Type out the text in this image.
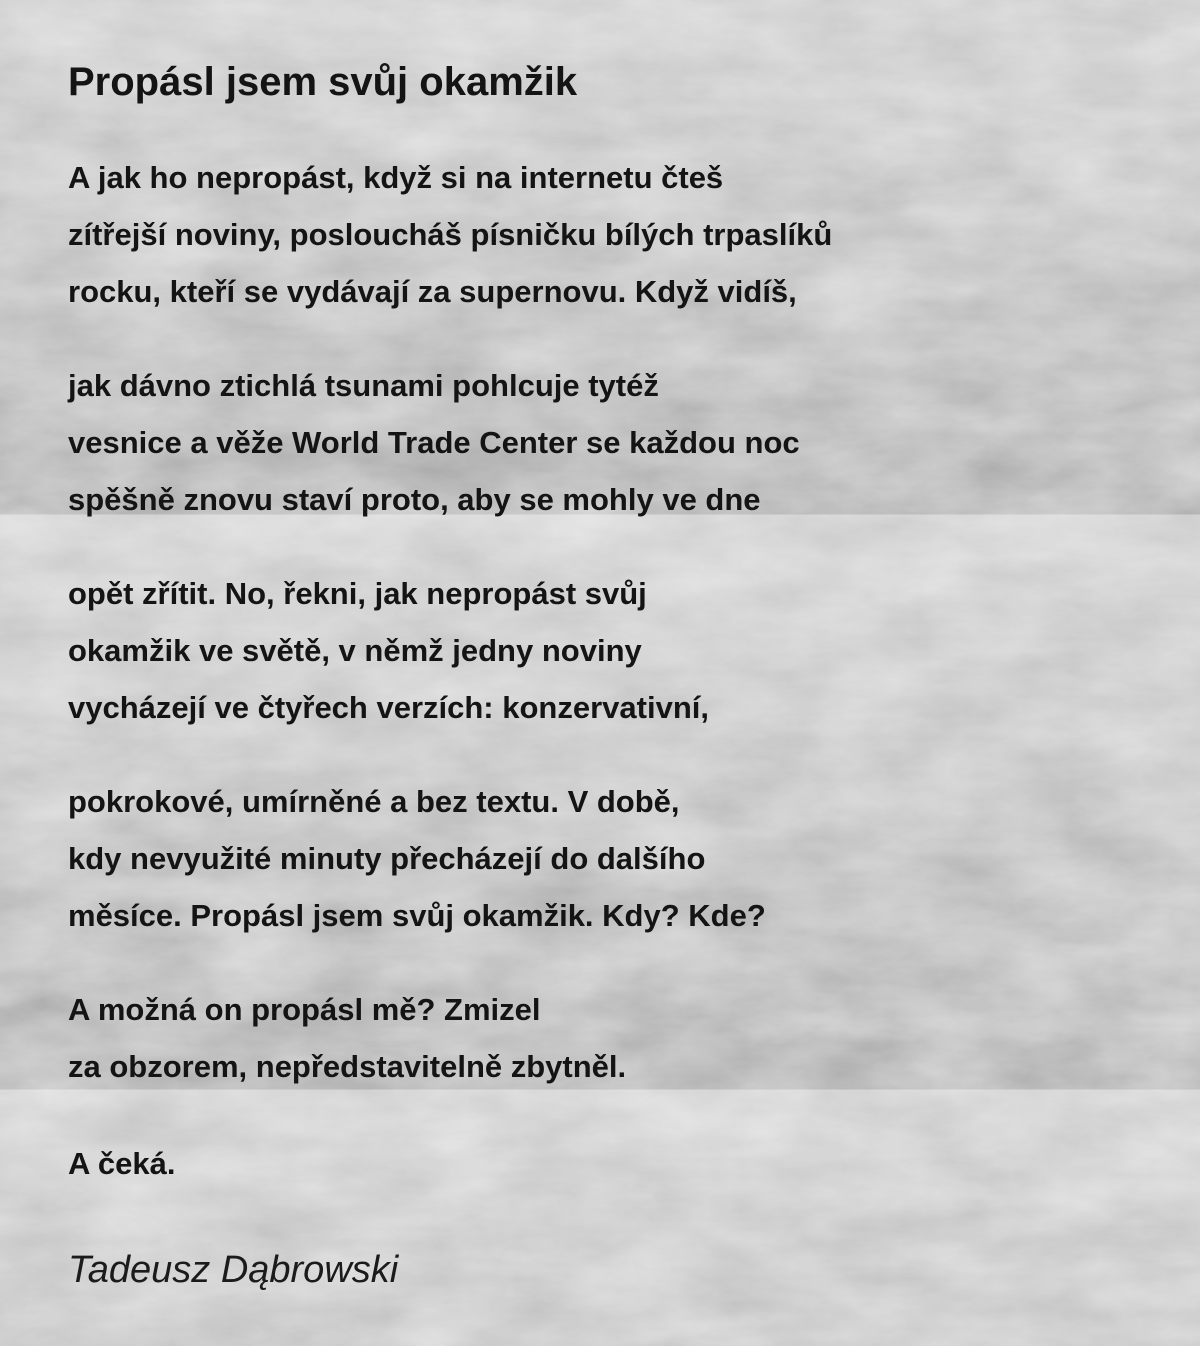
Propásl jsem svůj okamžik

A jak ho nepropást, když si na internetu čteš

zítřejší noviny, posloucháš písničku bílých trpaslíků

rocku, kteří se vydávají za supernovu. Když vidíš,

jak dávno ztichlá tsunami pohlcuje tytéž

vesnice a věže World Trade Center se každou noc

spěšně znovu staví proto, aby se mohly ve dne

opět zřítit. No, řekni, jak nepropást svůj

okamžik ve světě, v němž jedny noviny

vycházejí ve čtyřech verzích: konzervativní,

pokrokové, umírněné a bez textu. V době,

kdy nevyužité minuty přecházejí do dalšího

měsíce. Propásl jsem svůj okamžik. Kdy? Kde?

A možná on propásl mě? Zmizel

za obzorem, nepředstavitelně zbytněl.

A čeká.

Tadeusz Dąbrowski
